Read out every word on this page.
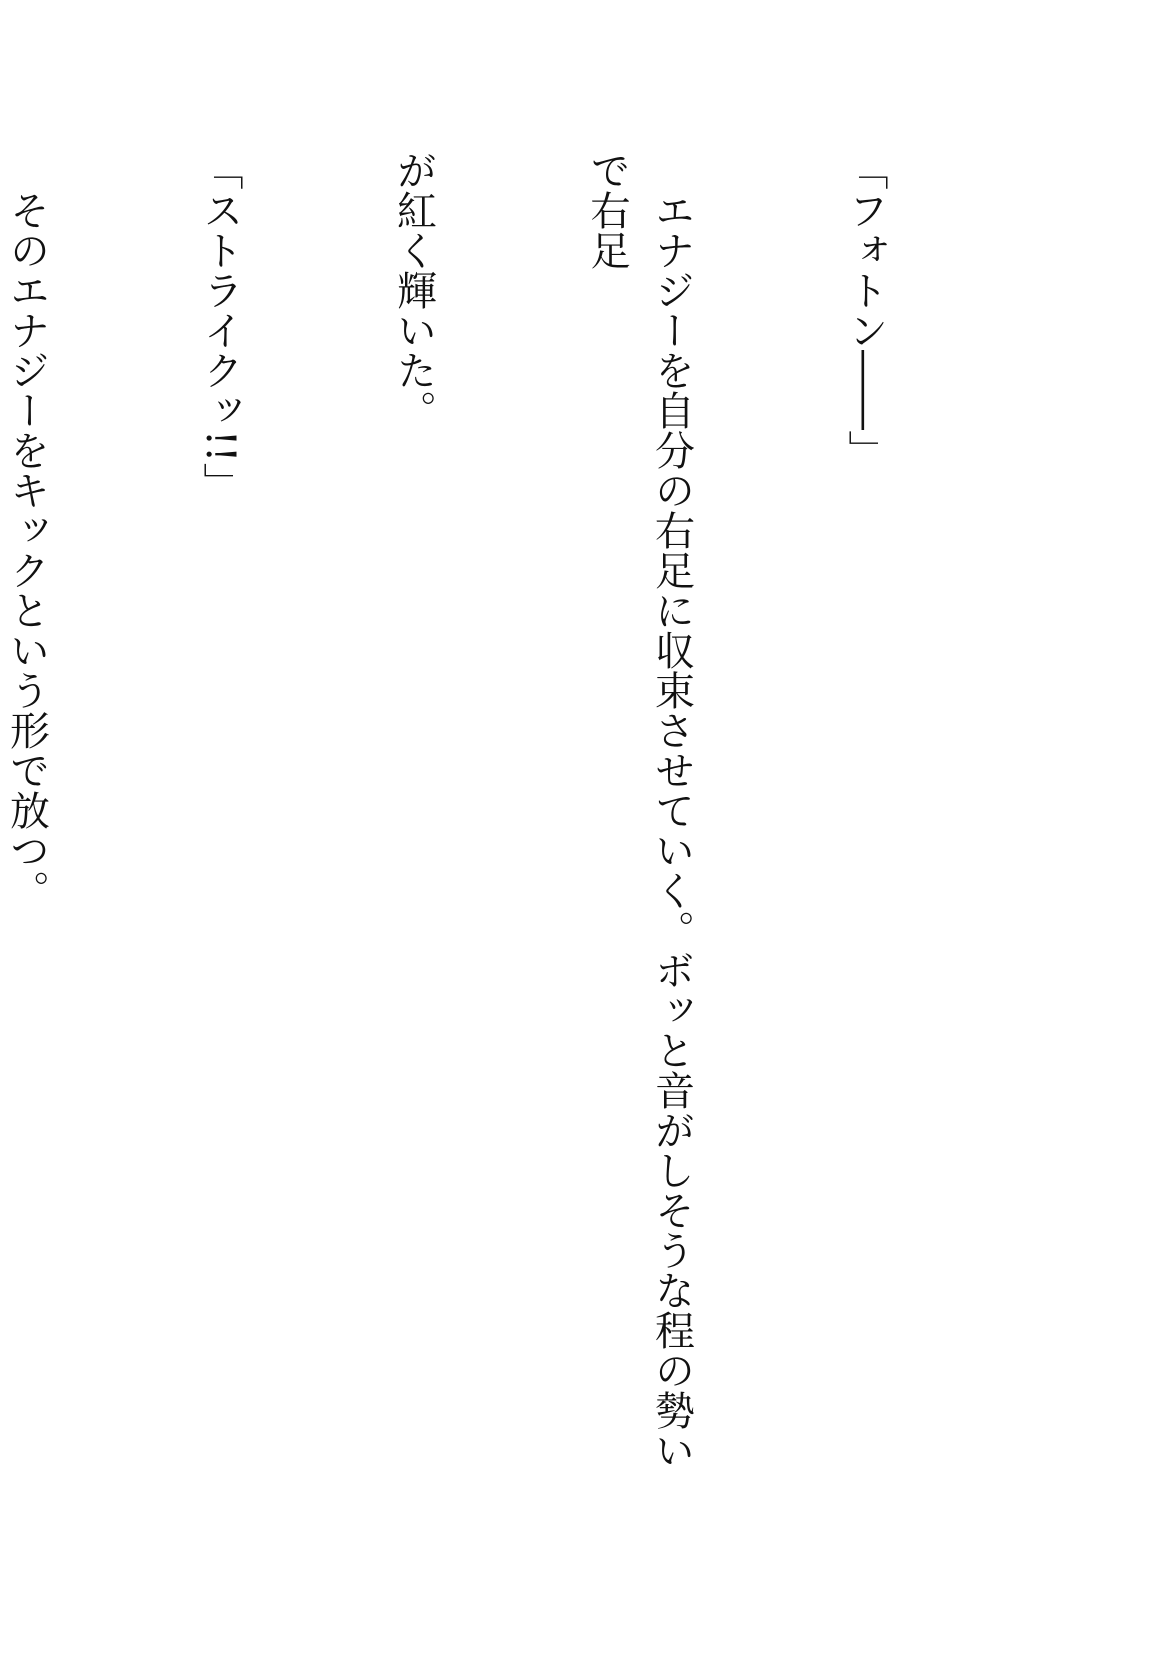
「フォトン――」

　エナジーを自分の右足に収束させていく。ボッと音がしそうな程の勢いで右足

が紅く輝いた。

「ストライクッ!!」

　そのエナジーをキックという形で放つ。
